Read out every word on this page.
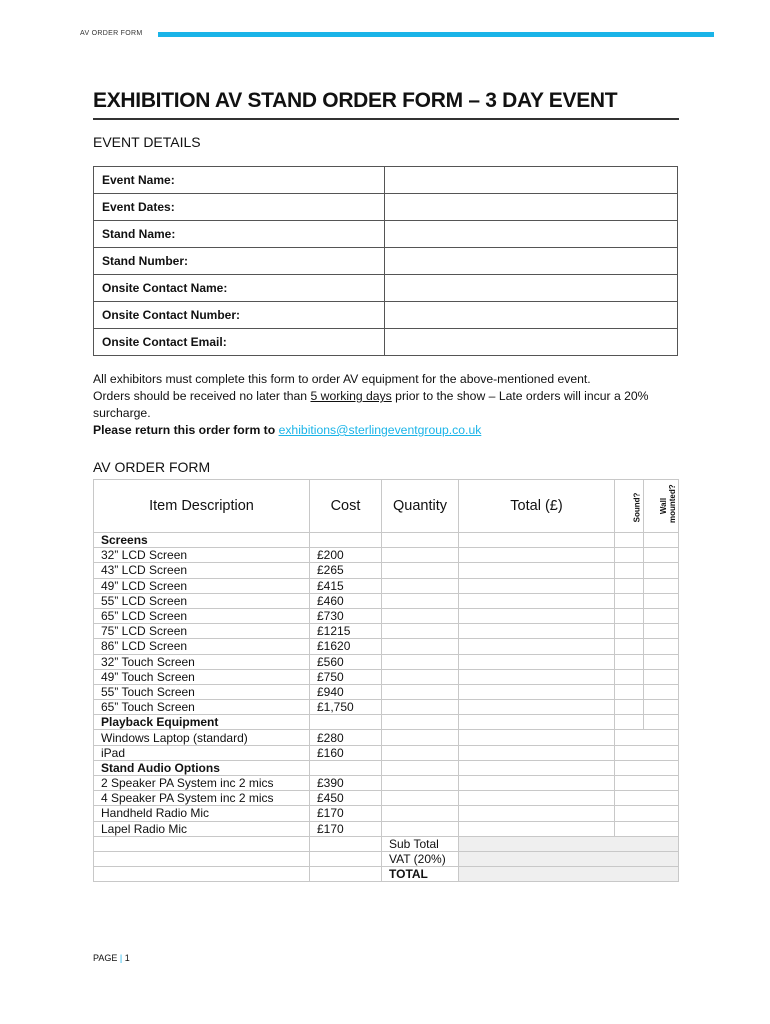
AV ORDER FORM
EXHIBITION AV STAND ORDER FORM – 3 DAY EVENT
EVENT DETAILS
Event Name:	
Event Dates:	
Stand Name:	
Stand Number:	
Onsite Contact Name:	
Onsite Contact Number:	
Onsite Contact Email:	

All exhibitors must complete this form to order AV equipment for the above-mentioned event.

Orders should be received no later than 5 working days prior to the show – Late orders will incur a 20% surcharge.

Please return this order form to exhibitions@sterlingeventgroup.co.uk

AV ORDER FORM
Item Description	Cost	Quantity	Total (£)	Sound?	Wall mounted?
Screens					
32” LCD Screen	£200				
43” LCD Screen	£265				
49” LCD Screen	£415				
55” LCD Screen	£460				
65” LCD Screen	£730				
75” LCD Screen	£1215				
86” LCD Screen	£1620				
32” Touch Screen	£560				
49” Touch Screen	£750				
55” Touch Screen	£940				
65” Touch Screen	£1,750				
Playback Equipment					
Windows Laptop (standard)	£280				
iPad	£160				
Stand Audio Options					
2 Speaker PA System inc 2 mics	£390				
4 Speaker PA System inc 2 mics	£450				
Handheld Radio Mic	£170				
Lapel Radio Mic	£170				
		Sub Total			
		VAT (20%)			
		TOTAL			
PAGE | 1
